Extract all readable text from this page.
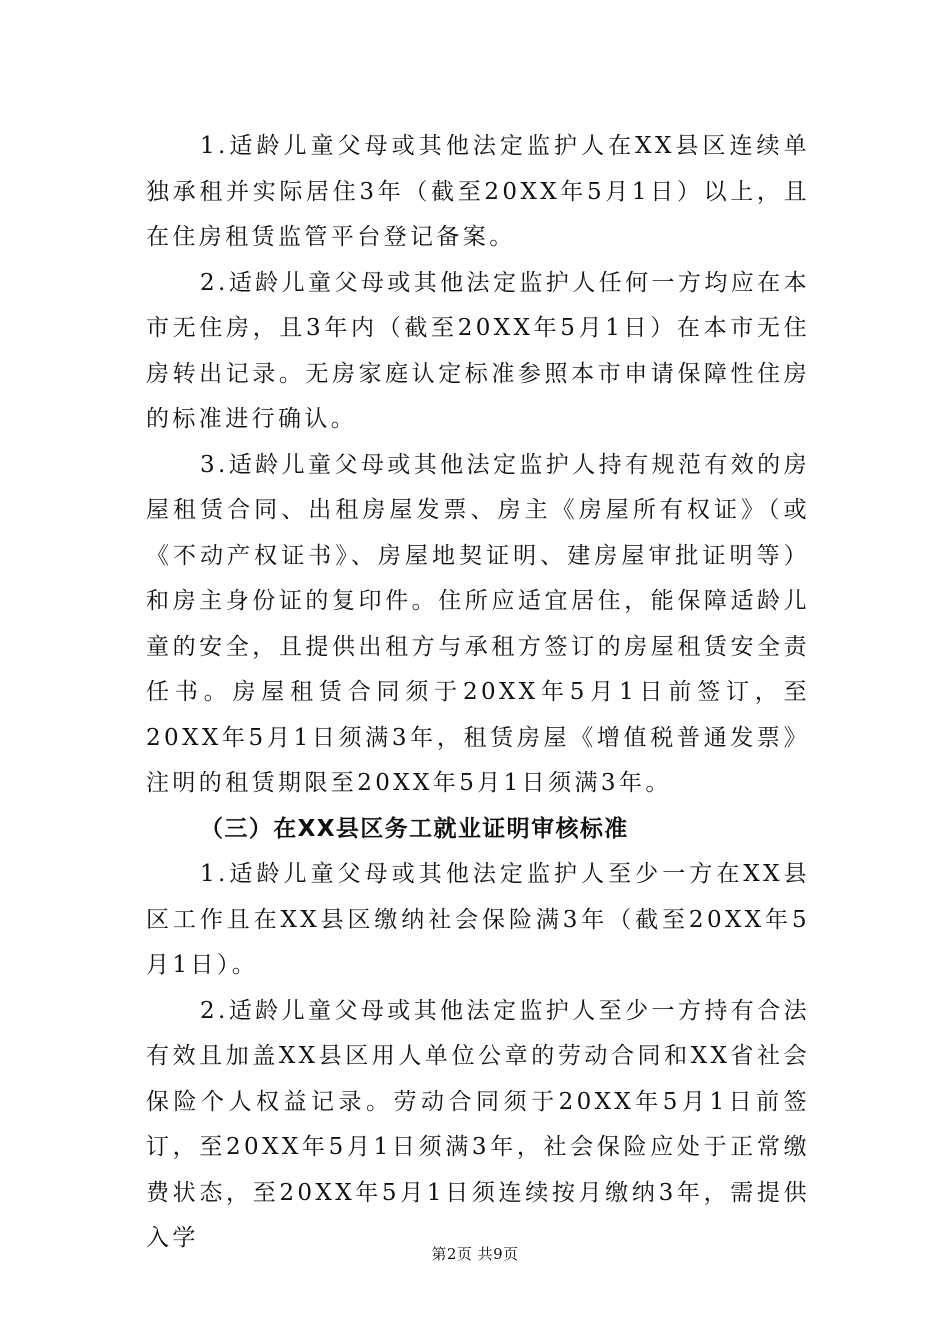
1.适龄儿童父母或其他法定监护人在XX县区连续单独承租并实际居住3年（截至20XX年5月1日）以上，且在住房租赁监管平台登记备案。

2.适龄儿童父母或其他法定监护人任何一方均应在本市无住房，且3年内（截至20XX年5月1日）在本市无住房转出记录。无房家庭认定标准参照本市申请保障性住房的标准进行确认。

3.适龄儿童父母或其他法定监护人持有规范有效的房屋租赁合同、出租房屋发票、房主《房屋所有权证》（或《不动产权证书》、房屋地契证明、建房屋审批证明等）和房主身份证的复印件。住所应适宜居住，能保障适龄儿童的安全，且提供出租方与承租方签订的房屋租赁安全责任书。房屋租赁合同须于20XX年5月1日前签订，至20XX年5月1日须满3年，租赁房屋《增值税普通发票》注明的租赁期限至20XX年5月1日须满3年。

（三）在XX县区务工就业证明审核标准

1.适龄儿童父母或其他法定监护人至少一方在XX县区工作且在XX县区缴纳社会保险满3年（截至20XX年5月1日）。

2.适龄儿童父母或其他法定监护人至少一方持有合法有效且加盖XX县区用人单位公章的劳动合同和XX省社会保险个人权益记录。劳动合同须于20XX年5月1日前签订，至20XX年5月1日须满3年，社会保险应处于正常缴费状态，至20XX年5月1日须连续按月缴纳3年，需提供入学

第2页 共9页
